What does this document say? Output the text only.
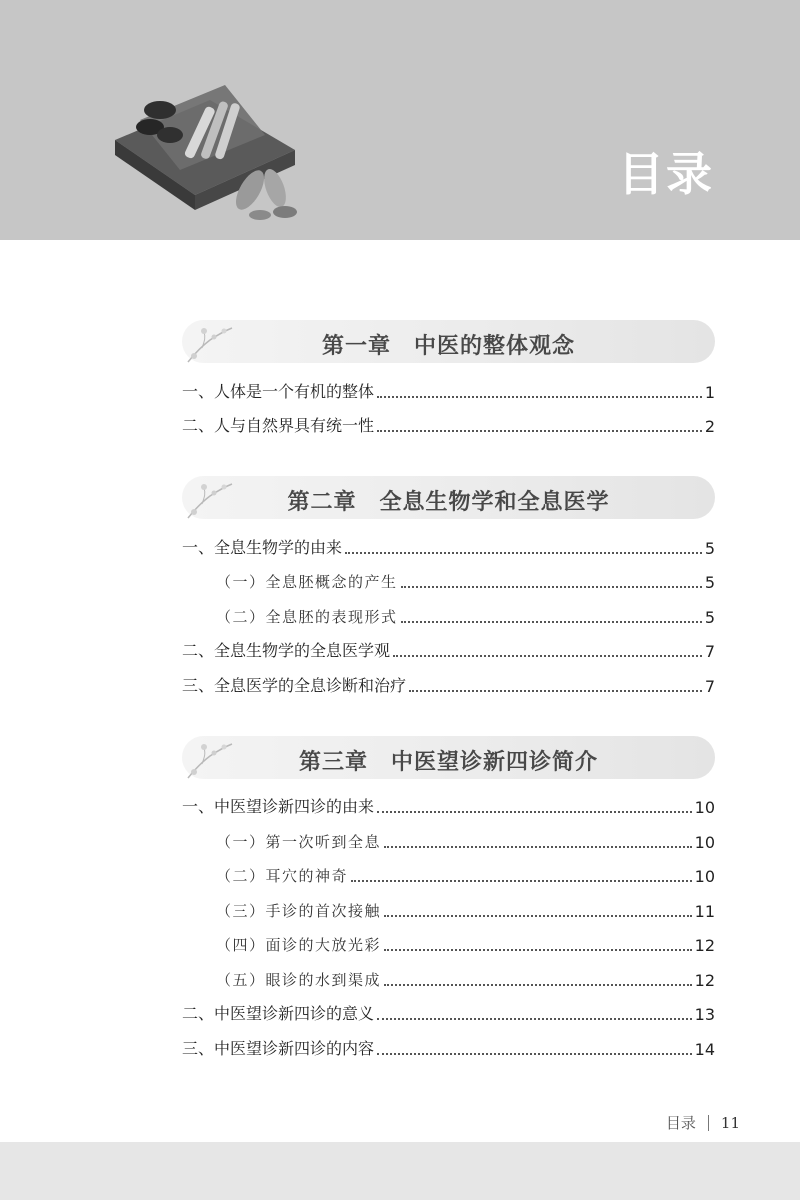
目录
第一章　中医的整体观念
一、人体是一个有机的整体	1
二、人与自然界具有统一性	2
第二章　全息生物学和全息医学
一、全息生物学的由来	5
（一）全息胚概念的产生	5
（二）全息胚的表现形式	5
二、全息生物学的全息医学观	7
三、全息医学的全息诊断和治疗	7
第三章　中医望诊新四诊简介
一、中医望诊新四诊的由来	10
（一）第一次听到全息	10
（二）耳穴的神奇	10
（三）手诊的首次接触	11
（四）面诊的大放光彩	12
（五）眼诊的水到渠成	12
二、中医望诊新四诊的意义	13
三、中医望诊新四诊的内容	14
目录 11
